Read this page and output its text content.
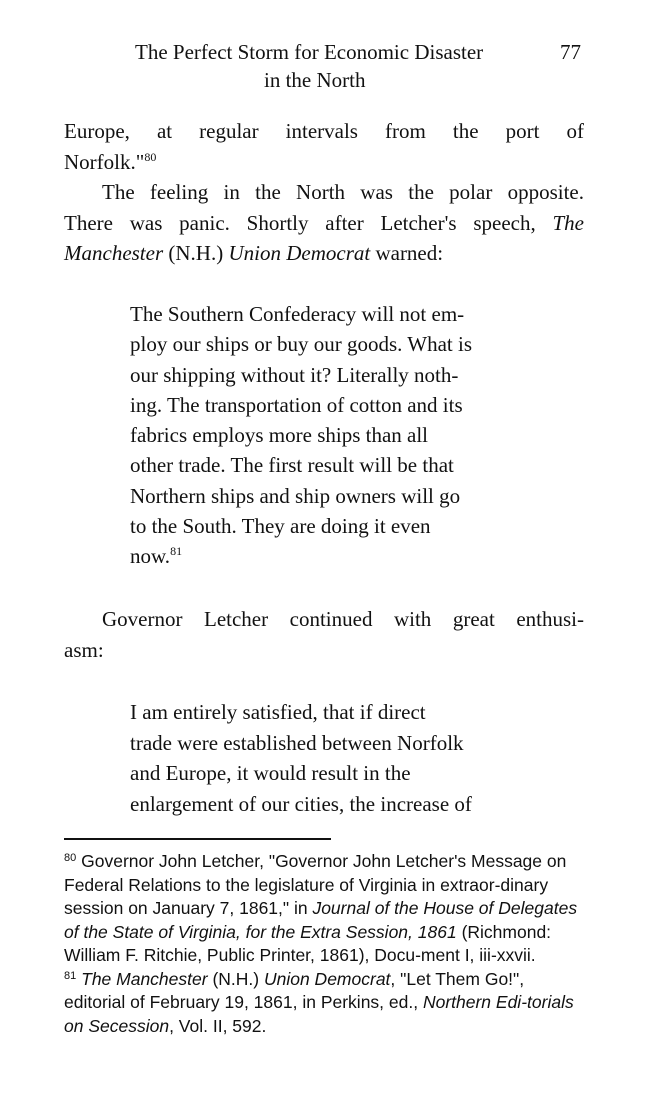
The Perfect Storm for Economic Disaster
in the North
77
Europe, at regular intervals from the port of
Norfolk."$^{80}$
The feeling in the North was the polar opposite.
There was panic. Shortly after Letcher's speech, The
Manchester (N.H.) Union Democrat warned:
The Southern Confederacy will not em-
ploy our ships or buy our goods. What is
our shipping without it? Literally noth-
ing. The transportation of cotton and its
fabrics employs more ships than all
other trade. The first result will be that
Northern ships and ship owners will go
to the South. They are doing it even
now.$^{81}$
Governor Letcher continued with great enthusi-
asm:
I am entirely satisfied, that if direct
trade were established between Norfolk
and Europe, it would result in the
enlargement of our cities, the increase of
$^{80}$ Governor John Letcher, "Governor John Letcher's Message on Federal Relations to the legislature of Virginia in extraor-dinary session on January 7, 1861," in Journal of the House of Delegates of the State of Virginia, for the Extra Session, 1861 (Richmond: William F. Ritchie, Public Printer, 1861), Docu-ment I, iii-xxvii.
$^{81}$ The Manchester (N.H.) Union Democrat, "Let Them Go!", editorial of February 19, 1861, in Perkins, ed., Northern Edi-torials on Secession, Vol. II, 592.
